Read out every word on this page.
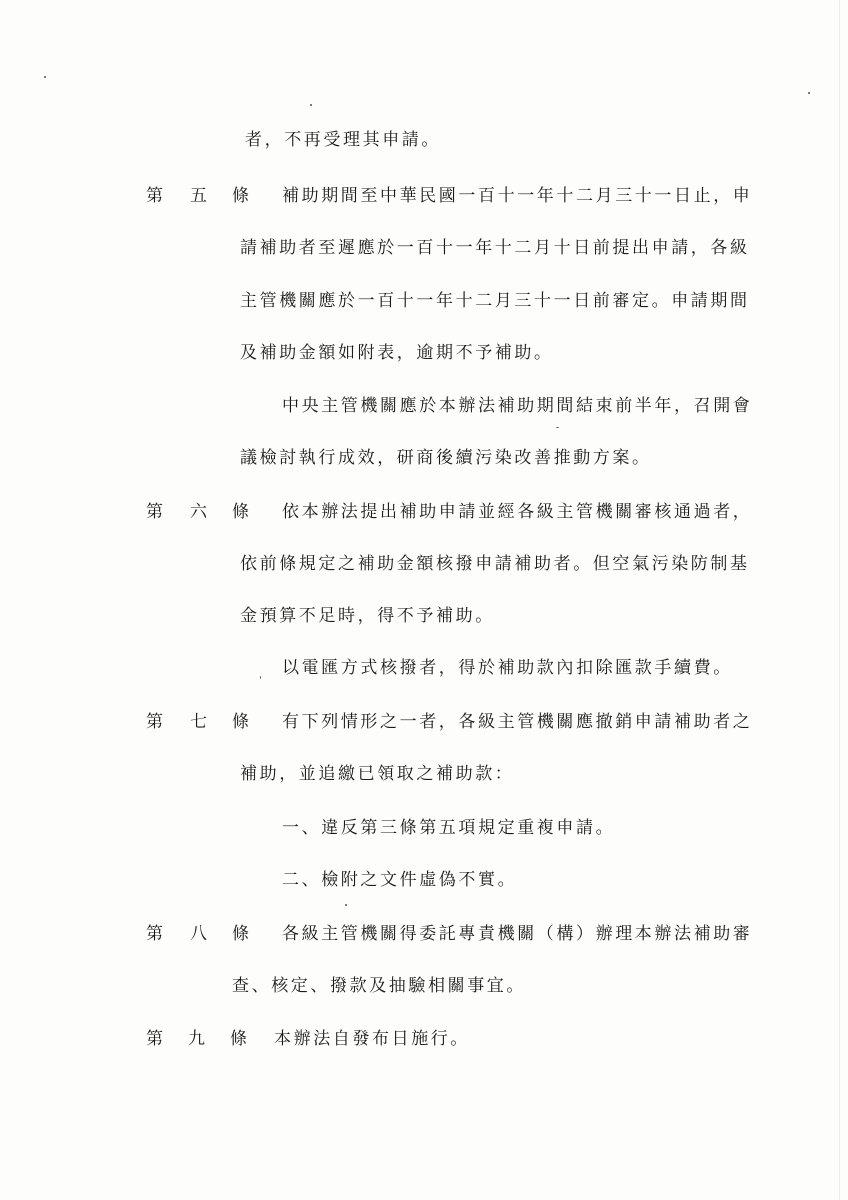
者，不再受理其申請。
第 五 條 補助期間至中華民國一百十一年十二月三十一日止，申
請補助者至遲應於一百十一年十二月十日前提出申請，各級
主管機關應於一百十一年十二月三十一日前審定。申請期間
及補助金額如附表，逾期不予補助。
中央主管機關應於本辦法補助期間結束前半年，召開會
議檢討執行成效，研商後續污染改善推動方案。
第 六 條 依本辦法提出補助申請並經各級主管機關審核通過者，
依前條規定之補助金額核撥申請補助者。但空氣污染防制基
金預算不足時，得不予補助。
以電匯方式核撥者，得於補助款內扣除匯款手續費。
第 七 條 有下列情形之一者，各級主管機關應撤銷申請補助者之
補助，並追繳已領取之補助款：
一、違反第三條第五項規定重複申請。
二、檢附之文件虛偽不實。
第 八 條 各級主管機關得委託專責機關（構）辦理本辦法補助審
查、核定、撥款及抽驗相關事宜。
第 九 條 本辦法自發布日施行。
